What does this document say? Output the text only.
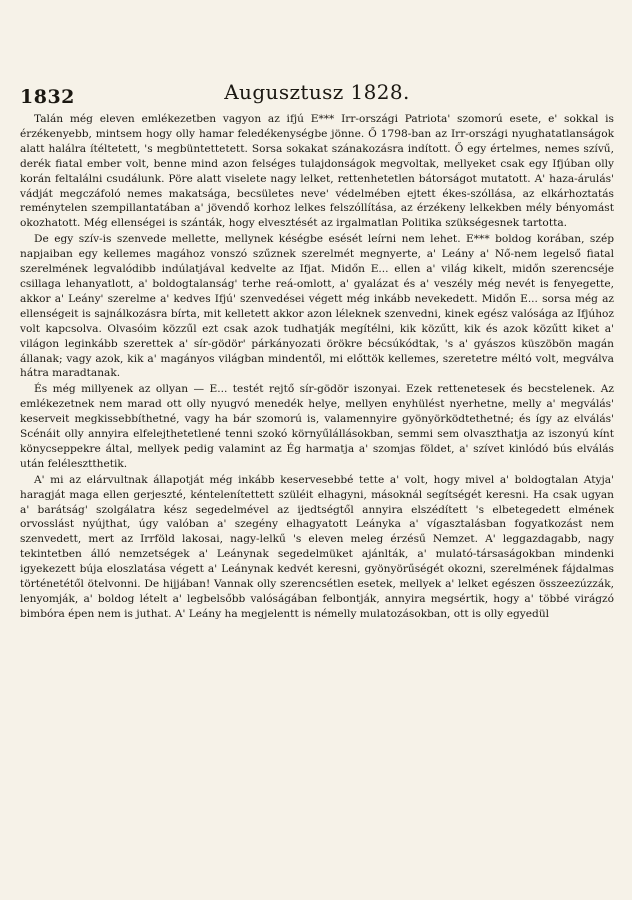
1832	Augusztusz 1828.

Talán még eleven emlékezetben vagyon az ifjú E*** Irr-országi Patriota' szomorú esete, e' sokkal is érzékenyebb, mintsem hogy olly hamar feledékenységbe jönne. Ő 1798-ban az Irr-országi nyughatatlanságok alatt halálra ítéltetett, 's megbüntettetett. Sorsa sokakat szánakozásra indított. Ő egy értelmes, nemes szívű, derék fiatal ember volt, benne mind azon felséges tulajdonságok megvoltak, mellyeket csak egy Ifjúban olly korán feltalálni csudálunk. Pöre alatt viselete nagy lelket, rettenhetetlen bátorságot mutatott. A' haza-árulás' vádját megczáfoló nemes makatsága, becsületes neve' védelmében ejtett ékes-szóllása, az elkárhoztatás reménytelen szempillantatában a' jövendő korhoz lelkes felszóllítása, az érzékeny lelkekben mély bényomást okozhatott. Még ellenségei is szánták, hogy elvesztését az irgalmatlan Politika szükségesnek tartotta.

De egy szív-is szenvede mellette, mellynek késégbe esését leírni nem lehet. E*** boldog korában, szép napjaiban egy kellemes magához vonszó szűznek szerelmét megnyerte, a' Leány a' Nő-nem legelső fiatal szerelmének legvalódibb indúlatjával kedvelte az Ifjat. Midőn E... ellen a' világ kikelt, midőn szerencséje csillaga lehanyatlott, a' boldogtalanság' terhe reá-omlott, a' gyalázat és a' veszély még nevét is fenyegette, akkor a' Leány' szerelme a' kedves Ifjú' szenvedései végett még inkább nevekedett. Midőn E... sorsa még az ellenségeit is sajnálkozásra bírta, mit kelletett akkor azon léleknek szenvedni, kinek egész valósága az Ifjúhoz volt kapcsolva. Olvasóim közzűl ezt csak azok tudhatják megítélni, kik közűtt, kik és azok közűtt kiket a' világon leginkább szerettek a' sír-gödör' párkányozati örökre bécsúkódtak, 's a' gyászos küszöbön magán állanak; vagy azok, kik a' magányos világban mindentől, mi előttök kellemes, szeretetre méltó volt, megválva hátra maradtanak.

És még millyenek az ollyan — E... testét rejtő sír-gödör iszonyai. Ezek rettenetesek és becstelenek. Az emlékezetnek nem marad ott olly nyugvó menedék helye, mellyen enyhülést nyerhetne, melly a' megválás' keserveit megkissebbíthetné, vagy ha bár szomorú is, valamennyire gyönyörködtethetné; és így az elválás' Scénáit olly annyira elfelejthetetlené tenni szokó környűlállásokban, semmi sem olvaszthatja az iszonyú kínt könycseppekre által, mellyek pedig valamint az Ég harmatja a' szomjas földet, a' szívet kinlódó bús elválás után felélesztthetik.

A' mi az elárvultnak állapotját még inkább keservesebbé tette a' volt, hogy mivel a' boldogtalan Atyja' haragját maga ellen gerjeszté, kéntelenítettett szüléit elhagyni, másoknál segítségét keresni. Ha csak ugyan a' barátság' szolgálatra kész segedelmével az ijedtségtől annyira elszédített 's elbetegedett elmének orvosslást nyújthat, úgy valóban a' szegény elhagyatott Leánykа a' vígasztalásban fogyatkozást nem szenvedett, mert az Irrföld lakosai, nagy-lelkű 's eleven meleg érzésű Nemzet. A' leggazdagabb, nagy tekintetben álló nemzetségek a' Leánynak segedelmüket ajánlták, a' mulató-társaságokban mindenki igyekezett búja eloszlatása végett a' Leánynak kedvét keresni, gyönyörűségét okozni, szerelmének fájdalmas történetétől ötelvonni. De hijjában! Vannak olly szerencsétlen esetek, mellyek a' lelket egészen összeezúzzák, lenyomják, a' boldog lételt a' legbelsőbb valóságában felbontják, annyira megsértik, hogy a' többé virágzó bimbóra épen nem is juthat. A' Leány ha megjelentt is némelly mulatozásokban, ott is olly egyedül
